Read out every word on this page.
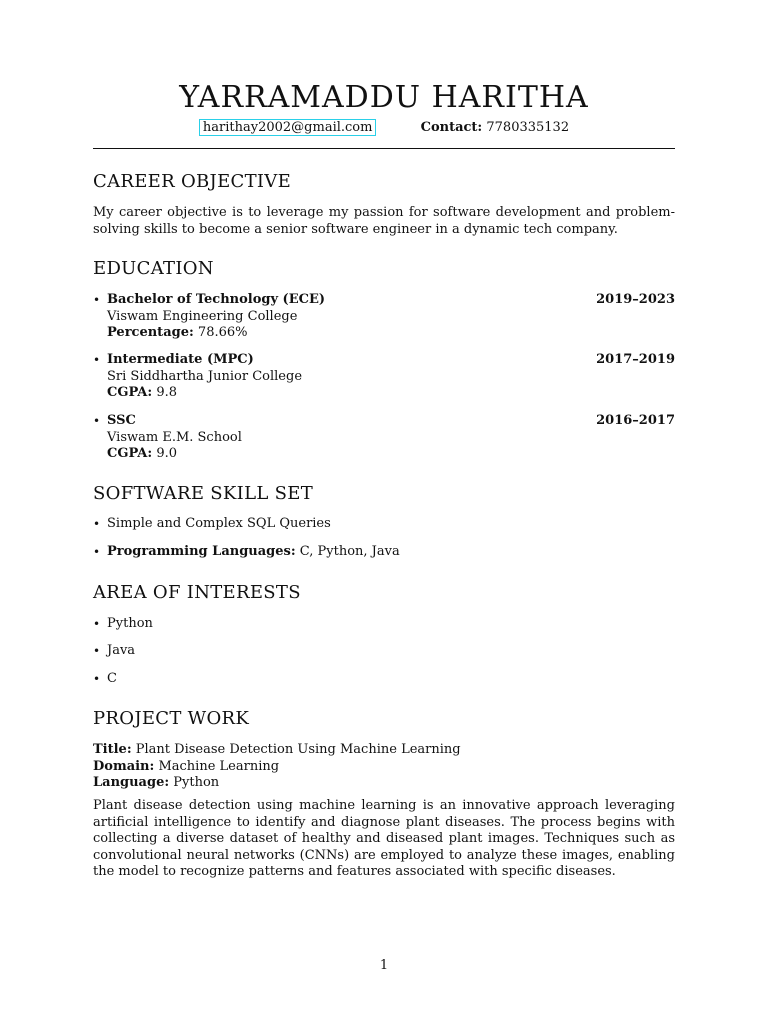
YARRAMADDU HARITHA
harithay2002@gmail.com	Contact: 7780335132
CAREER OBJECTIVE
My career objective is to leverage my passion for software development and problem-solving skills to become a senior software engineer in a dynamic tech company.
EDUCATION
• Bachelor of Technology (ECE)	2019–2023
Viswam Engineering College
Percentage: 78.66%
• Intermediate (MPC)	2017–2019
Sri Siddhartha Junior College
CGPA: 9.8
• SSC	2016–2017
Viswam E.M. School
CGPA: 9.0
SOFTWARE SKILL SET
• Simple and Complex SQL Queries
• Programming Languages: C, Python, Java
AREA OF INTERESTS
• Python
• Java
• C
PROJECT WORK
Title: Plant Disease Detection Using Machine Learning
Domain: Machine Learning
Language: Python
Plant disease detection using machine learning is an innovative approach leveraging artificial intelligence to identify and diagnose plant diseases. The process begins with collecting a diverse dataset of healthy and diseased plant images. Techniques such as convolutional neural networks (CNNs) are employed to analyze these images, enabling the model to recognize patterns and features associated with specific diseases.
1
